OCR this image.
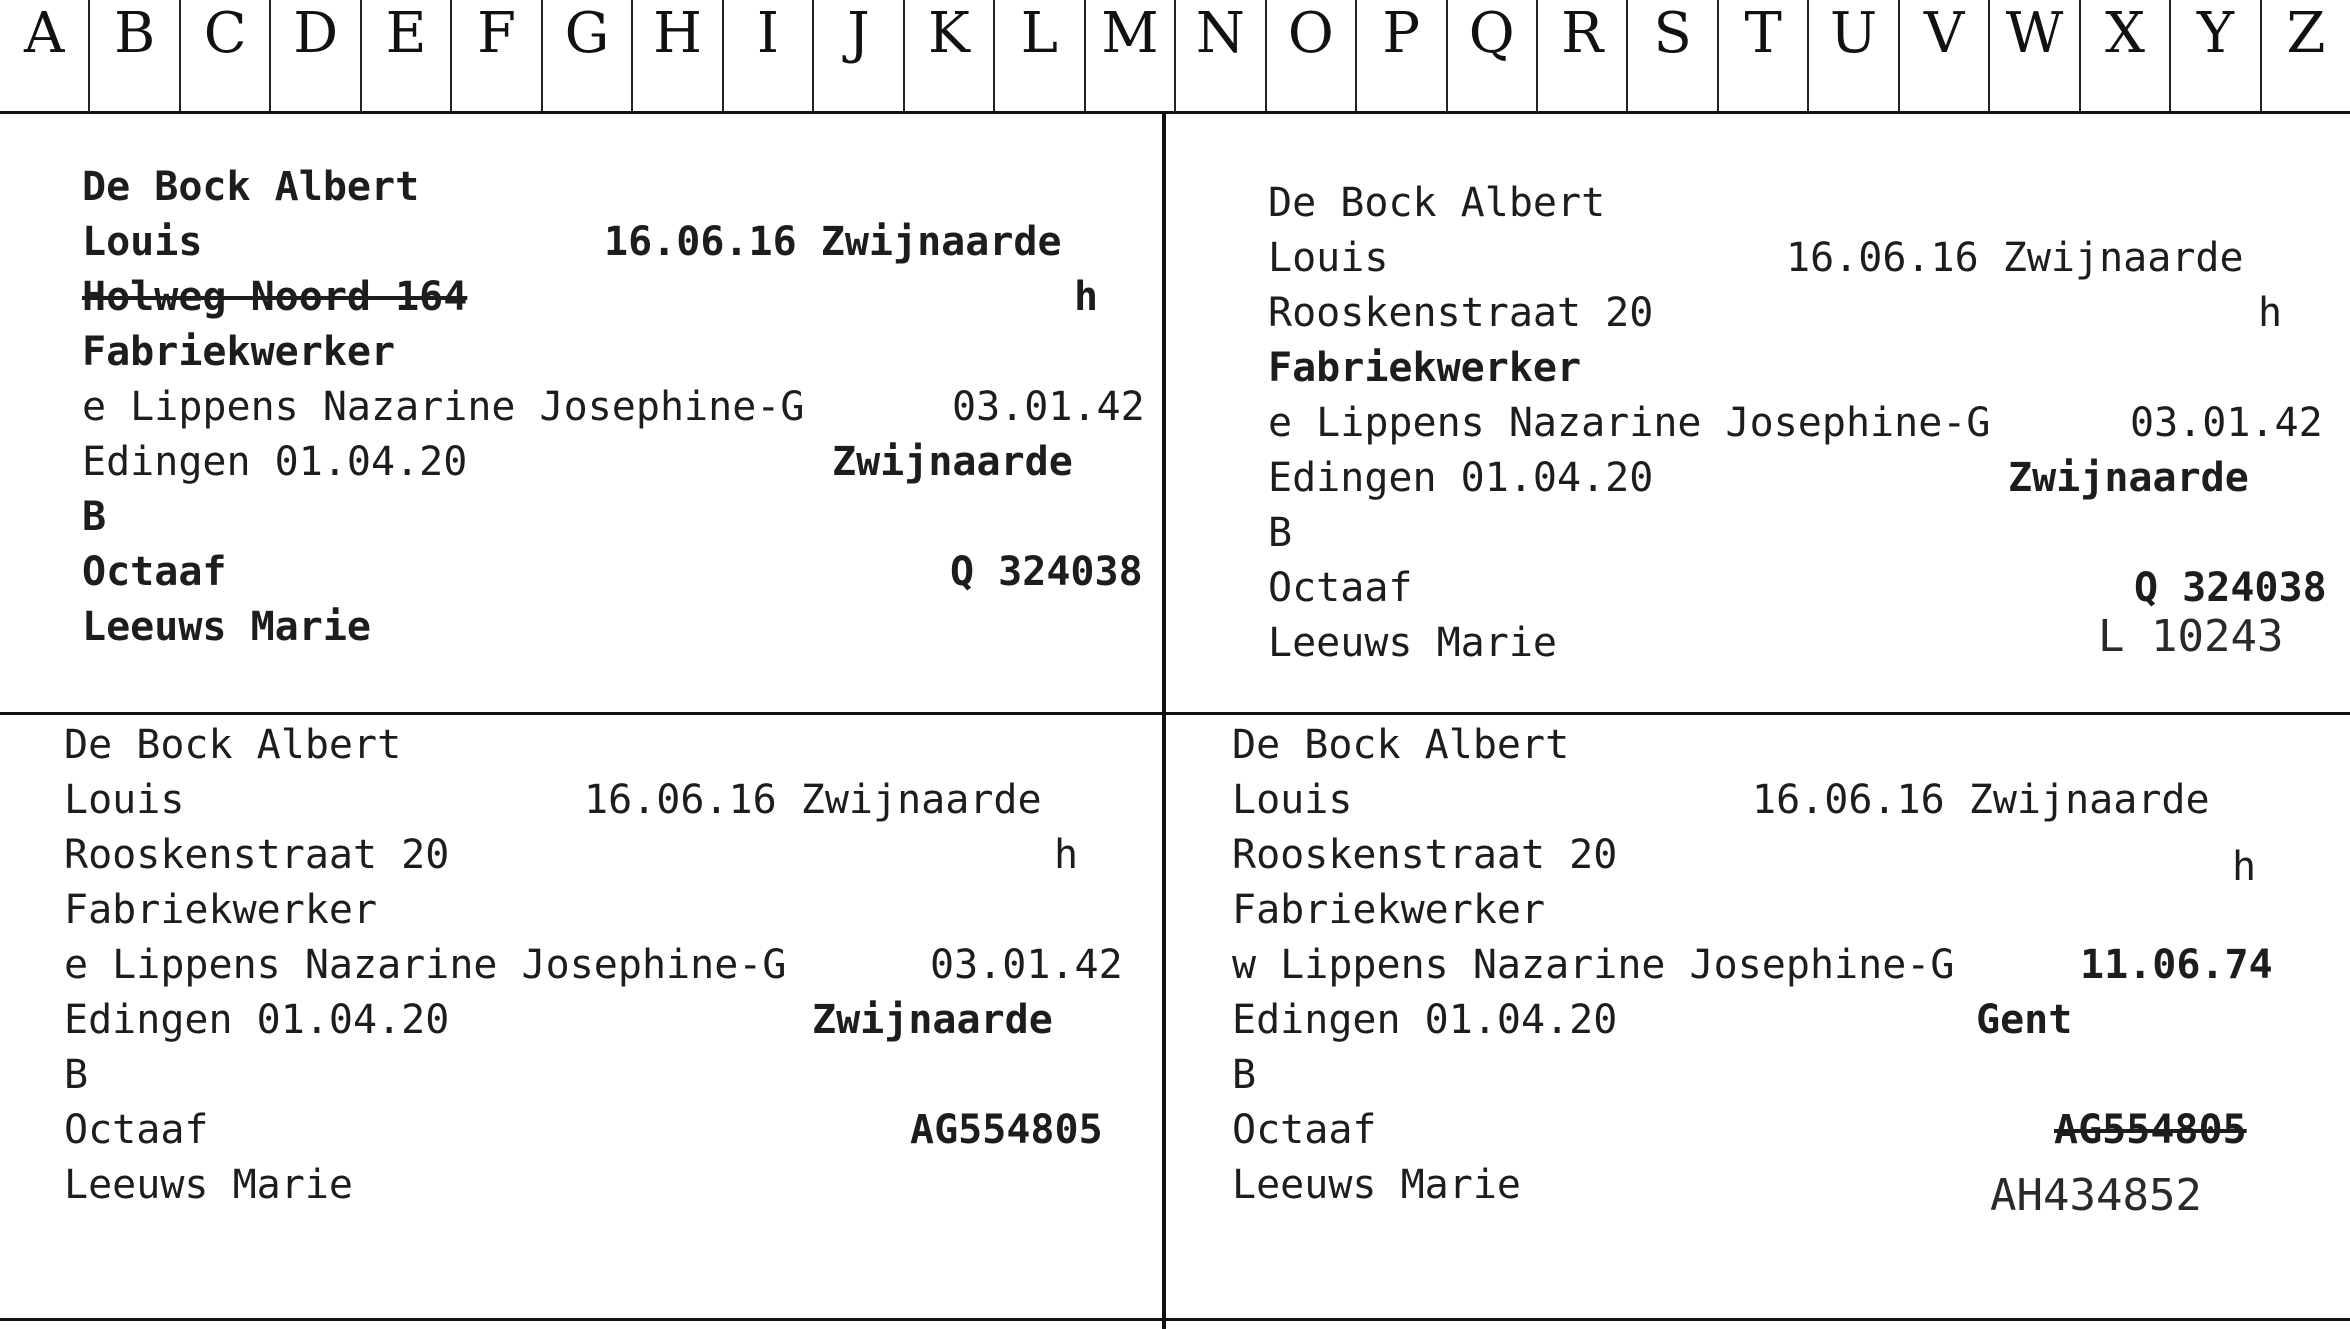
A B C D E F G H I	J	K L M N O P Q R S T U V W X Y Z
De Bock Albert
Louis	16.06.16 Zwijnaarde
Holweg Noord 164	h
Fabriekwerker
e Lippens Nazarine Josephine-G	03.01.42
Edingen 01.04.20	Zwijnaarde
B
Octaaf	Q 324038
Leeuws Marie
De Bock Albert
Louis	16.06.16 Zwijnaarde
Rooskenstraat 20	h
Fabriekwerker
e Lippens Nazarine Josephine-G	03.01.42
Edingen 01.04.20	Zwijnaarde
B
Octaaf	Q 324038
Leeuws Marie	L 10243
De Bock Albert
Louis	16.06.16 Zwijnaarde
Rooskenstraat 20	h
Fabriekwerker
e Lippens Nazarine Josephine-G	03.01.42
Edingen 01.04.20	Zwijnaarde
B
Octaaf	AG554805
Leeuws Marie
De Bock Albert
Louis	16.06.16 Zwijnaarde
Rooskenstraat 20	h
Fabriekwerker
w Lippens Nazarine Josephine-G	11.06.74
Edingen 01.04.20	Gent
B
Octaaf	AG554805
Leeuws Marie	AH434852
